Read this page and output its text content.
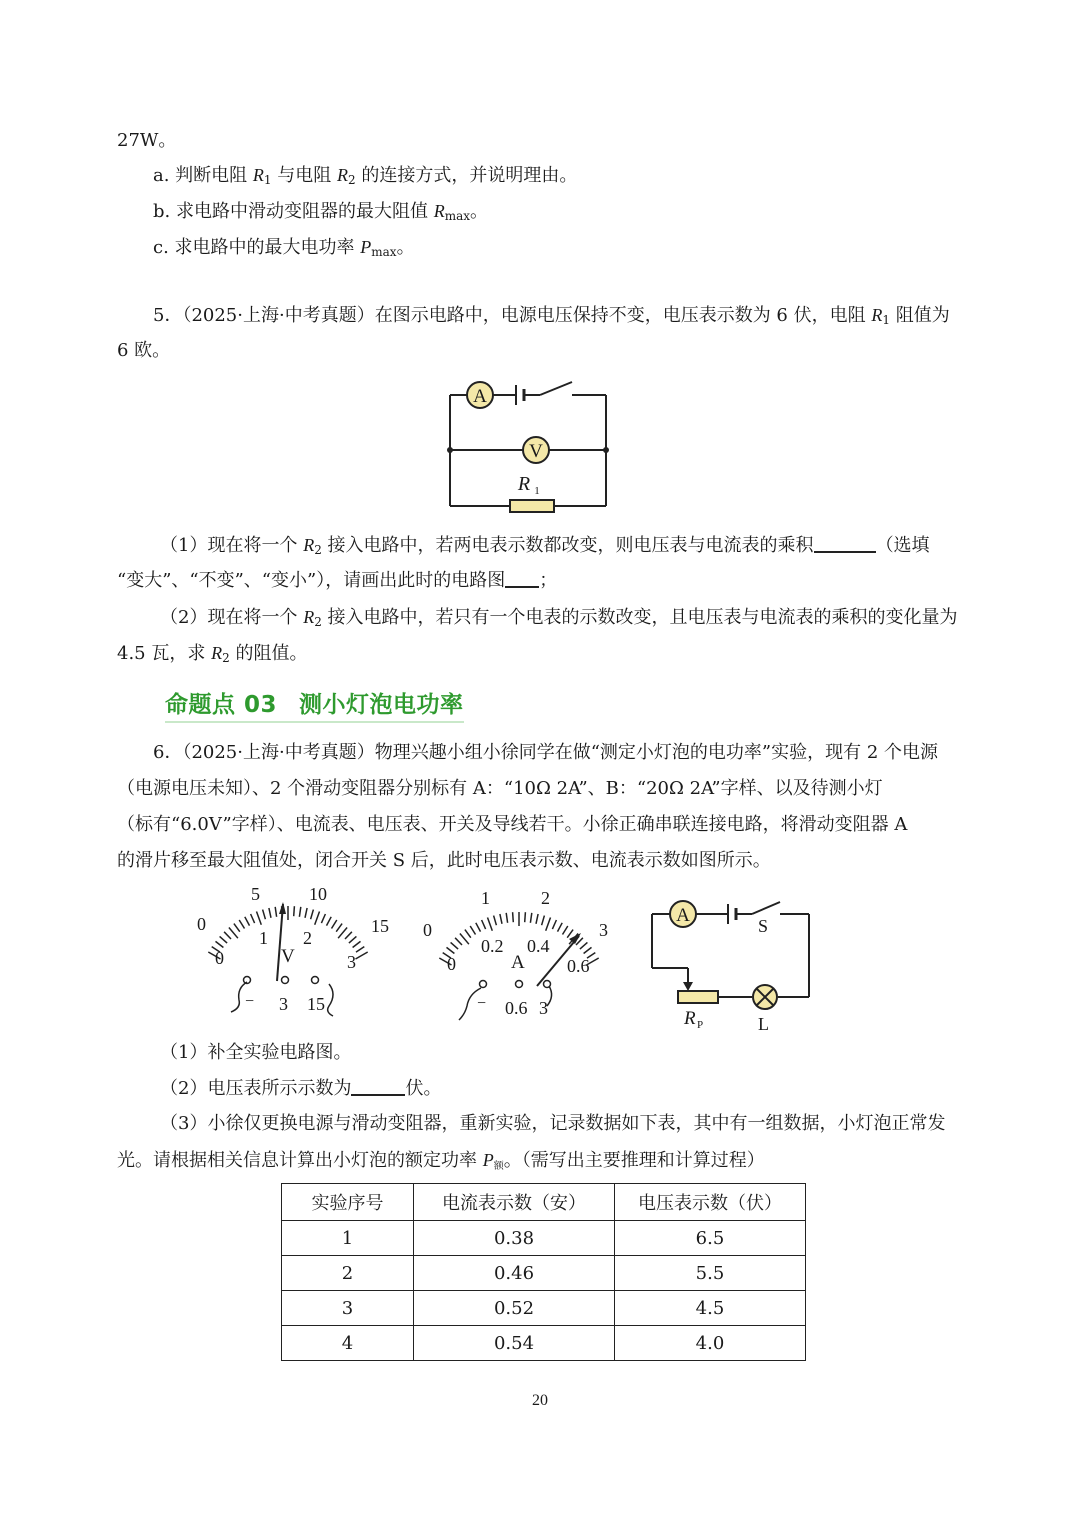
27W。
a. 判断电阻 $R_1$ 与电阻 $R_2$ 的连接方式，并说明理由。
b. 求电路中滑动变阻器的最大阻值 $R_{max}$。
c. 求电路中的最大电功率 $P_{max}$。
5．（2025·上海·中考真题）在图示电路中，电源电压保持不变，电压表示数为 6 伏，电阻 $R_1$ 阻值为
6 欧。
A
V
R 1
（1）现在将一个 $R_2$ 接入电路中，若两电表示数都改变，则电压表与电流表的乘积	（选填
“变大”、“不变”、“变小”），请画出此时的电路图 ；
（2）现在将一个 $R_2$ 接入电路中，若只有一个电表的示数改变，且电压表与电流表的乘积的变化量为
4.5 瓦，求 $R_2$ 的阻值。
命题点 03 测小灯泡电功率
6．（2025·上海·中考真题）物理兴趣小组小徐同学在做“测定小灯泡的电功率”实验，现有 2 个电源
（电源电压未知）、2 个滑动变阻器分别标有 A：“10Ω 2A”、B：“20Ω 2A”字样、以及待测小灯
（标有“6.0V”字样）、电流表、电压表、开关及导线若干。小徐正确串联连接电路，将滑动变阻器 A
的滑片移至最大阻值处，闭合开关 S 后，此时电压表示数、电流表示数如图所示。
0
5	10
15
0
1 2
3
V
− 3 15
0
1	2
3
0
0.2 0.4
0.6
A
− 0.6 3
A	S
R P	L
（1）补全实验电路图。
（2）电压表所示示数为	伏。
（3）小徐仅更换电源与滑动变阻器，重新实验，记录数据如下表，其中有一组数据，小灯泡正常发
光。请根据相关信息计算出小灯泡的额定功率 $P_额$。（需写出主要推理和计算过程）
实验序号	电流表示数（安）	电压表示数（伏）
1	0.38	6.5
2	0.46	5.5
3	0.52	4.5
4	0.54	4.0
20
